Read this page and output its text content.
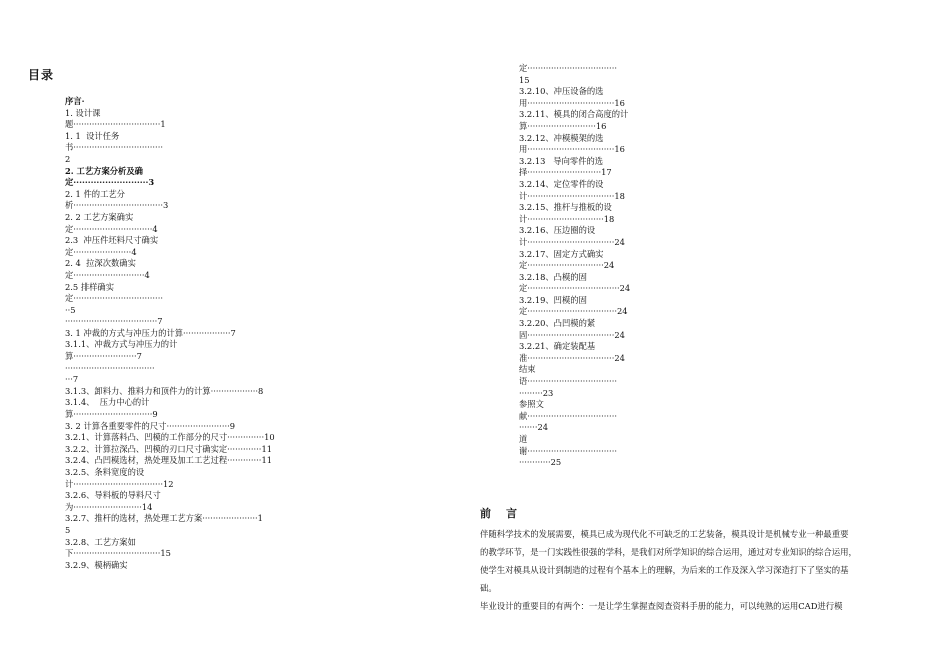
目录
序言·
1. 设计课
题·································1
1. 1  设计任务
书··································
2
2. 工艺方案分析及确
定··························3
2. 1 件的工艺分
析··································3
2. 2 工艺方案确实
定······························4
2.3  冲压件坯料尺寸确实
定······················4
2. 4  拉深次数确实
定···························4
2.5 排样确实
定··································
··5
···································7
3. 1 冲裁的方式与冲压力的计算··················7
3.1.1、冲裁方式与冲压力的计
算························7
··································
···7
3.1.3、卸料力、推料力和顶件力的计算··················8
3.1.4、  压力中心的计
算······························9
3. 2 计算各重要零件的尺寸························9
3.2.1、计算落料凸、凹模的工作部分的尺寸··············10
3.2.2、计算拉深凸、凹模的刃口尺寸确实定·············11
3.2.4、凸凹模选材，热处理及加工工艺过程·············11
3.2.5、条料宽度的设
计··································12
3.2.6、导料板的导料尺寸
为··························14
3.2.7、推杆的选材，热处理工艺方案·····················1
5
3.2.8、工艺方案如
下·································15
3.2.9、模柄确实
定··································
15
3.2.10、冲压设备的选
用·································16
3.2.11、模具的闭合高度的计
算··························16
3.2.12、冲模模架的选
用·································16
3.2.13   导向零件的选
择····························17
3.2.14、定位零件的设
计·································18
3.2.15、推杆与推板的设
计·····························18
3.2.16、压边圈的设
计·································24
3.2.17、固定方式确实
定·····························24
3.2.18、凸模的固
定···································24
3.2.19、凹模的固
定··································24
3.2.20、凸凹模的紧
固·································24
3.2.21、确定装配基
准·································24
结束
语··································
·········23
参照文
献··································
·······24
道
谢··································
············25
前　言

伴随科学技术的发展需要，模具已成为现代化不可缺乏的工艺装备，模具设计是机械专业一种最重要

的教学环节，是一门实践性很强的学科，是我们对所学知识的综合运用，通过对专业知识的综合运用，

使学生对模具从设计到制造的过程有个基本上的理解，为后来的工作及深入学习深造打下了坚实的基

础。

毕业设计的重要目的有两个：一是让学生掌握查阅查资料手册的能力，可以纯熟的运用CAD进行模
